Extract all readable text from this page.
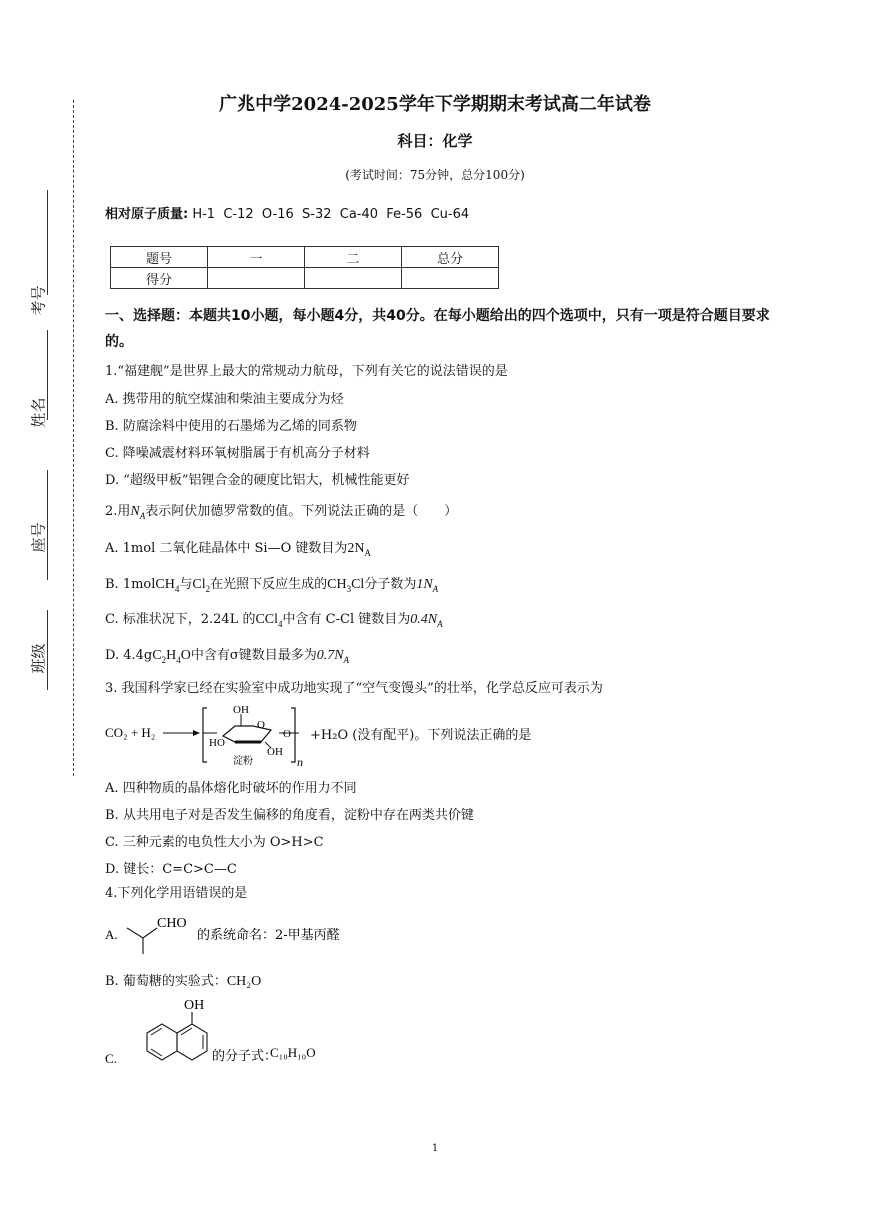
考号
姓名
座号
班级
广兆中学2024-2025学年下学期期末考试高二年试卷
科目：化学
(考试时间：75分钟，总分100分)
相对原子质量: H-1  C-12  O-16  S-32  Ca-40  Fe-56  Cu-64
题号	一	二	总分
得分			
一、选择题：本题共10小题，每小题4分，共40分。在每小题给出的四个选项中，只有一项是符合题目要求的。
1.“福建舰”是世界上最大的常规动力航母，下列有关它的说法错误的是
A. 携带用的航空煤油和柴油主要成分为烃
B. 防腐涂料中使用的石墨烯为乙烯的同系物
C. 降噪减震材料环氧树脂属于有机高分子材料
D. “超级甲板”铝锂合金的硬度比铝大，机械性能更好
2.用$N_A$表示阿伏加德罗常数的值。下列说法正确的是（　　）
A. 1mol 二氧化硅晶体中 Si—O 键数目为$2N_A$
B. 1molCH$_4$与$Cl_2$在光照下反应生成的$CH_3Cl$分子数为$1N_A$
C. 标准状况下，2.24L 的CCl$_4$中含有 C-Cl 键数目为$0.4N_A$
D. $4.4gC_2H_4O$中含有σ键数目最多为$0.7N_A$
3. 我国科学家已经在实验室中成功地实现了“空气变馒头”的壮举，化学总反应可表示为
CO₂ + H₂
OH
O
HO
OH
O
淀粉	n
+H₂O (没有配平)。下列说法正确的是
A. 四种物质的晶体熔化时破坏的作用力不同
B. 从共用电子对是否发生偏移的角度看，淀粉中存在两类共价键
C. 三种元素的电负性大小为 O>H>C
D. 键长：C=C>C—C
4.下列化学用语错误的是
A.
CHO
的系统命名：2-甲基丙醛
B. 葡萄糖的实验式：CH₂O
C.
OH
的分子式：
C₁₀H₁₀O
1
